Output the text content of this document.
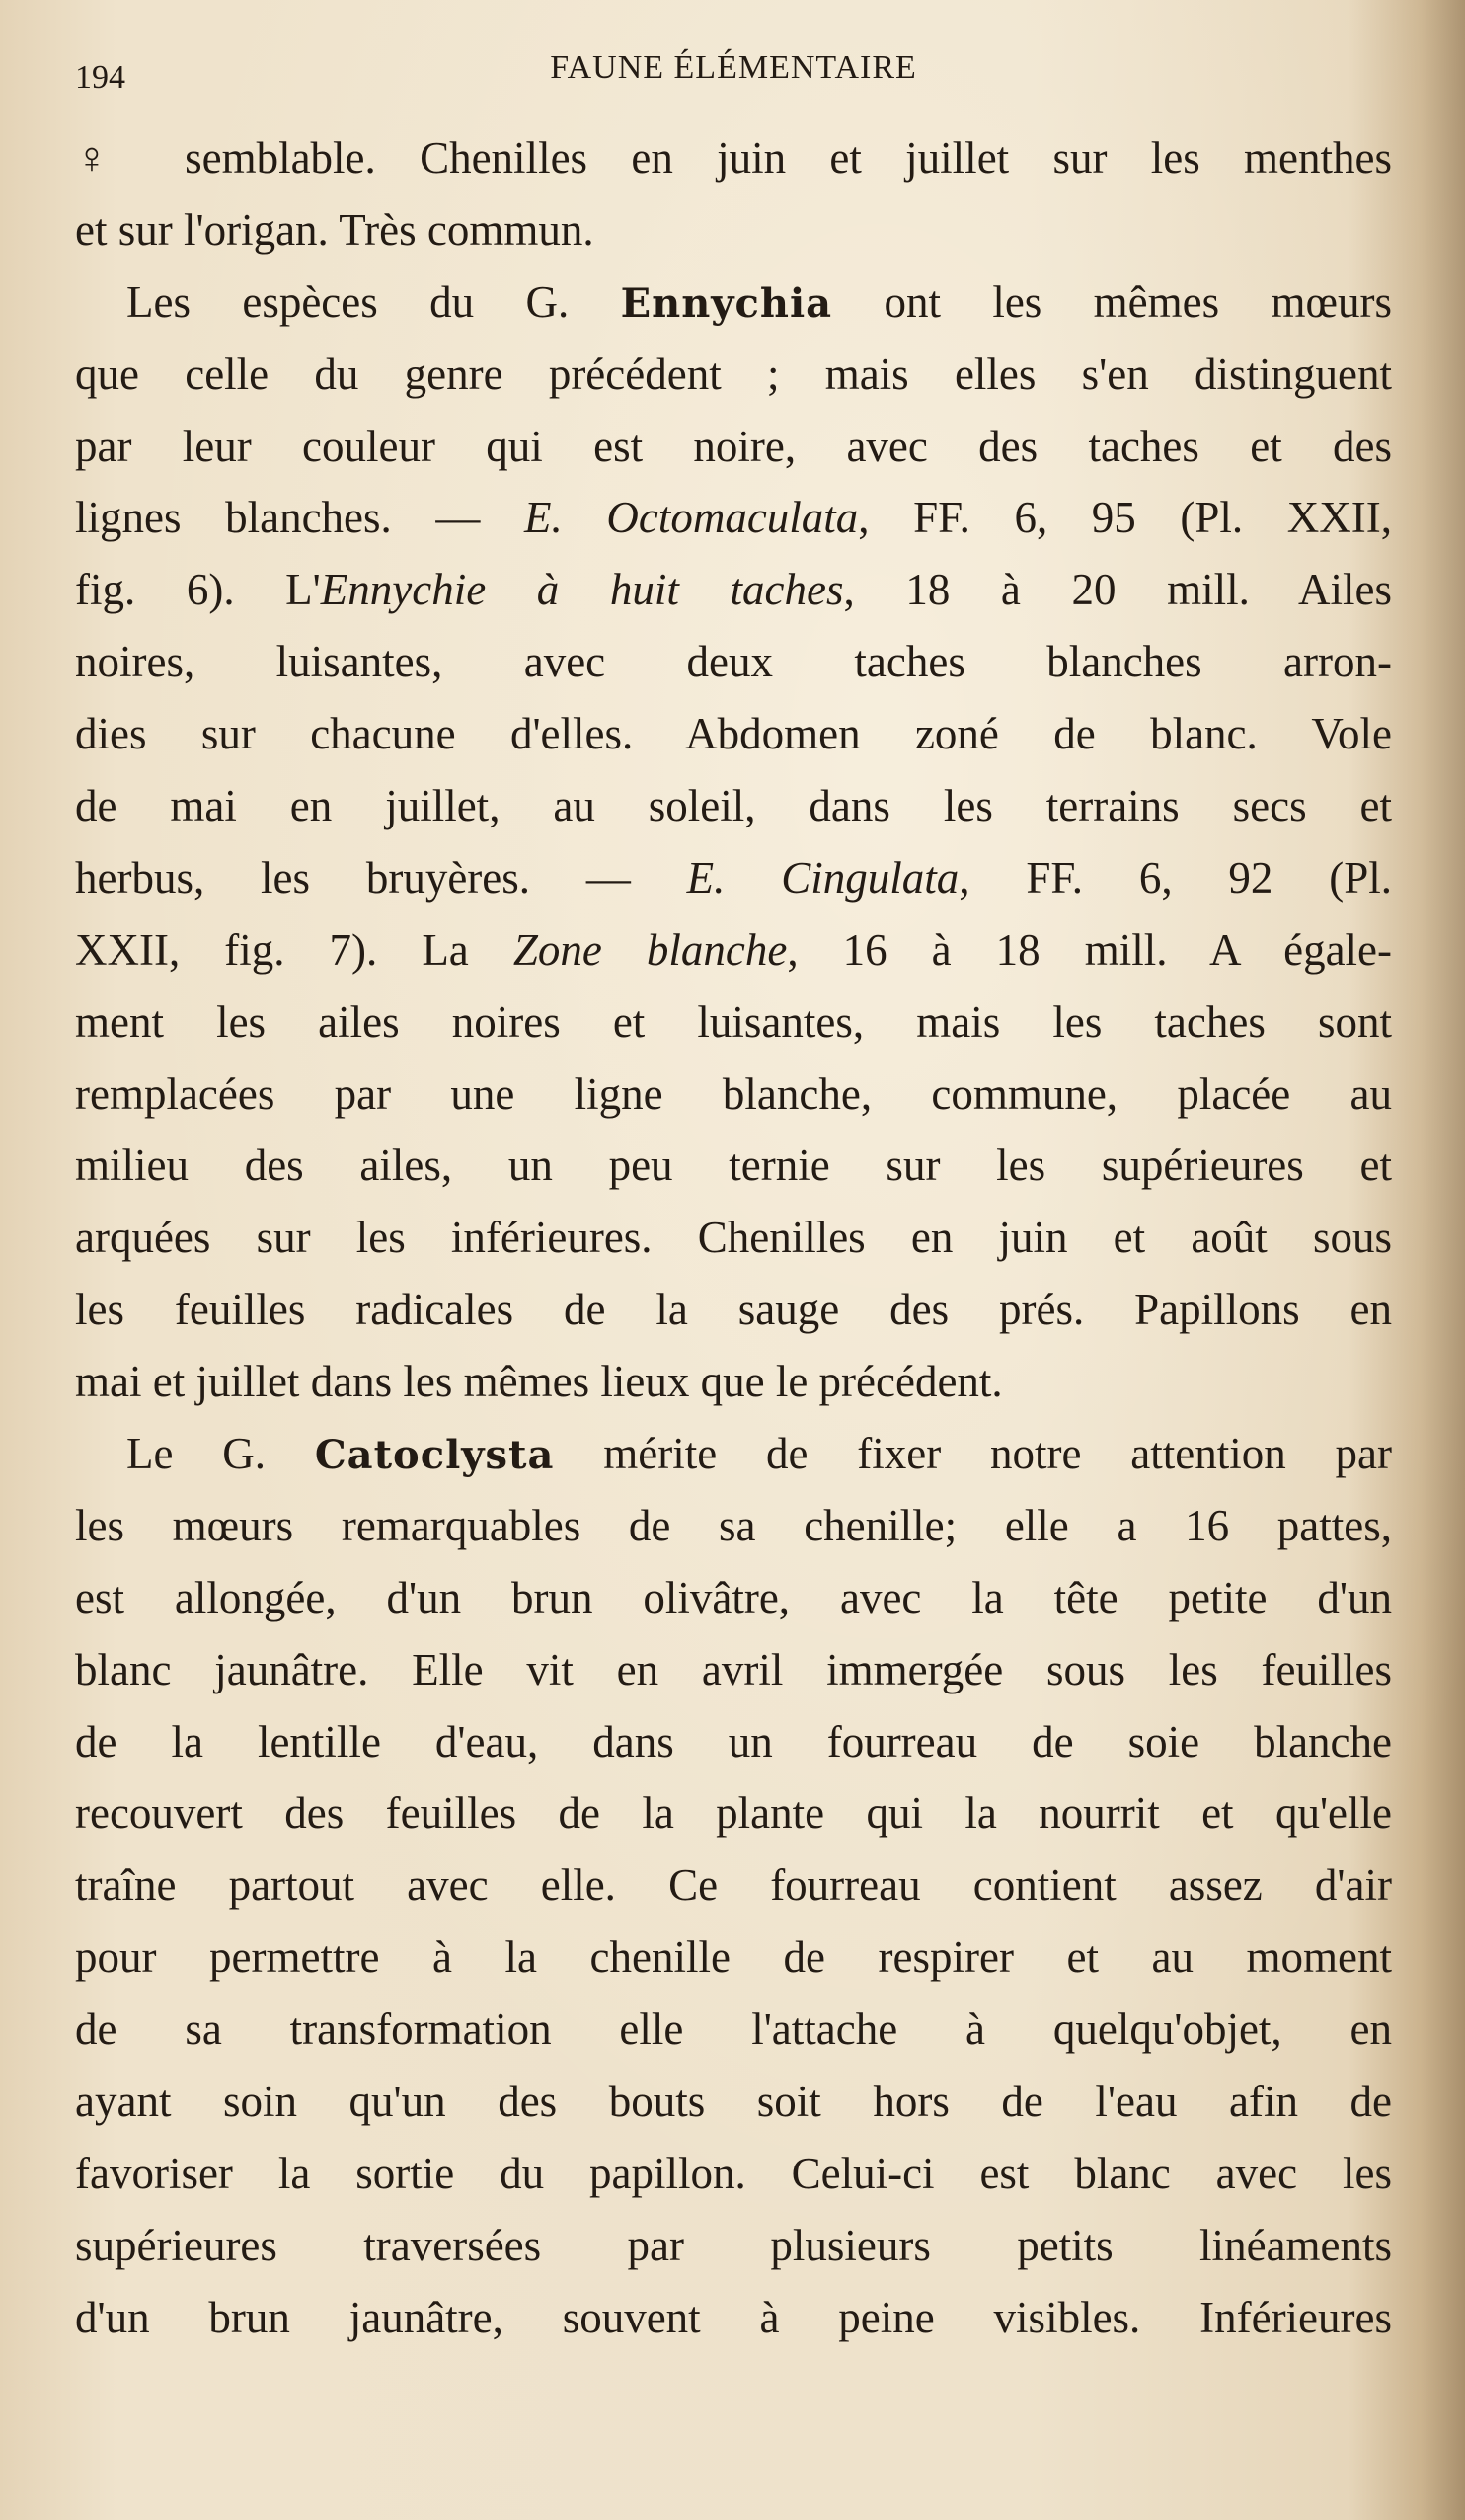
194	FAUNE ÉLÉMENTAIRE
♀ semblable. Chenilles en juin et juillet sur les menthes
et sur l'origan. Très commun.
Les espèces du G. Ennychia ont les mêmes mœurs
que celle du genre précédent ; mais elles s'en distinguent
par leur couleur qui est noire, avec des taches et des
lignes blanches. — E. Octomaculata, FF. 6, 95 (Pl. XXII,
fig. 6). L'Ennychie à huit taches, 18 à 20 mill. Ailes
noires, luisantes, avec deux taches blanches arron-
dies sur chacune d'elles. Abdomen zoné de blanc. Vole
de mai en juillet, au soleil, dans les terrains secs et
herbus, les bruyères. — E. Cingulata, FF. 6, 92 (Pl.
XXII, fig. 7). La Zone blanche, 16 à 18 mill. A égale-
ment les ailes noires et luisantes, mais les taches sont
remplacées par une ligne blanche, commune, placée au
milieu des ailes, un peu ternie sur les supérieures et
arquées sur les inférieures. Chenilles en juin et août sous
les feuilles radicales de la sauge des prés. Papillons en
mai et juillet dans les mêmes lieux que le précédent.
Le G. Catoclysta mérite de fixer notre attention par
les mœurs remarquables de sa chenille; elle a 16 pattes,
est allongée, d'un brun olivâtre, avec la tête petite d'un
blanc jaunâtre. Elle vit en avril immergée sous les feuilles
de la lentille d'eau, dans un fourreau de soie blanche
recouvert des feuilles de la plante qui la nourrit et qu'elle
traîne partout avec elle. Ce fourreau contient assez d'air
pour permettre à la chenille de respirer et au moment
de sa transformation elle l'attache à quelqu'objet, en
ayant soin qu'un des bouts soit hors de l'eau afin de
favoriser la sortie du papillon. Celui-ci est blanc avec les
supérieures traversées par plusieurs petits linéaments
d'un brun jaunâtre, souvent à peine visibles. Inférieures
